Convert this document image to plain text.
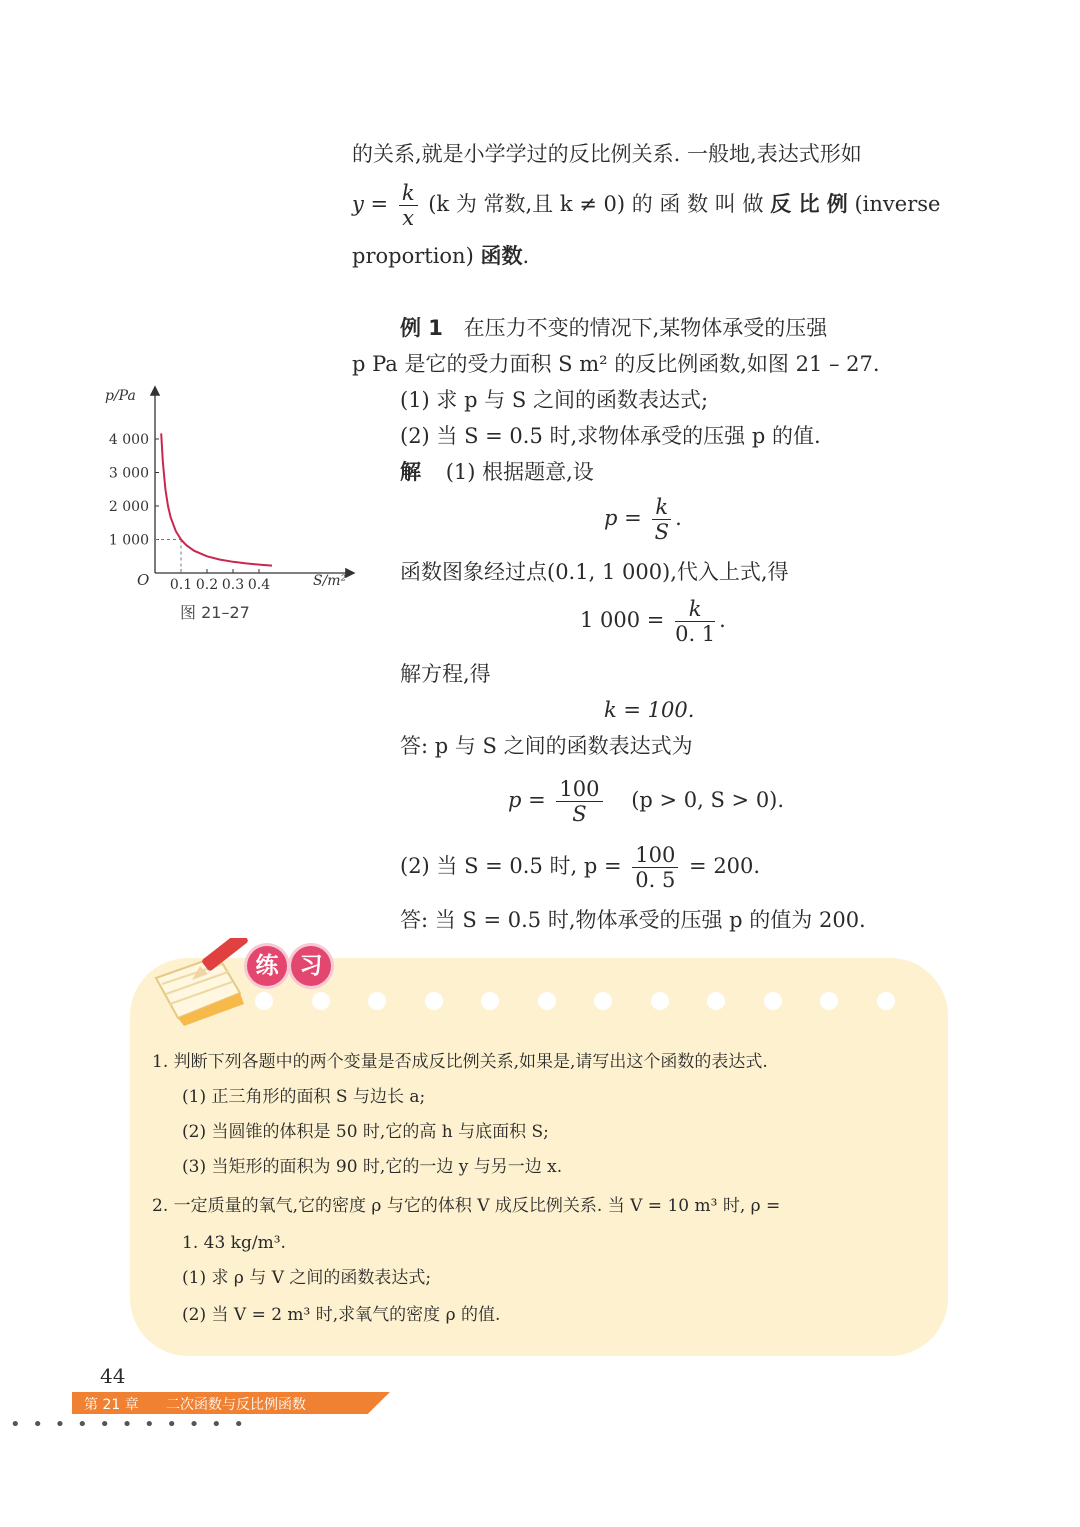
的关系,就是小学学过的反比例关系. 一般地,表达式形如
$y = \frac{k}{x} (k$ 为 常数,且 k ≠ 0) 的 函 数 叫 做 反 比 例 (inverse
proportion) 函数.
例 1 在压力不变的情况下,某物体承受的压强
p Pa 是它的受力面积 S m² 的反比例函数,如图 21 – 27.
(1) 求 p 与 S 之间的函数表达式;
(2) 当 S = 0.5 时,求物体承受的压强 p 的值.
解 (1) 根据题意,设
$p = \frac{k}{S}$ .
函数图象经过点(0.1, 1 000),代入上式,得
1 $000 = \frac{k}{0. 1}$ .
解方程,得
k = 100.
答: p 与 S 之间的函数表达式为
$p = \frac{100}{S} (p > 0$, S > 0).
(2) 当 S = 0.5 时, $p = \frac{100}{0. 5} = 200$.
答: 当 S = 0.5 时,物体承受的压强 p 的值为 200.
p/Pa
S/m²
O
1 000
2 000
3 000
4 000
0.1 0.2 0.3 0.4
图 21–27
练 习
1. 判断下列各题中的两个变量是否成反比例关系,如果是,请写出这个函数的表达式.
(1) 正三角形的面积 S 与边长 a;
(2) 当圆锥的体积是 50 时,它的高 h 与底面积 S;
(3) 当矩形的面积为 90 时,它的一边 y 与另一边 x.
2. 一定质量的氧气,它的密度 ρ 与它的体积 V 成反比例关系. 当 V = 10 m³ 时, ρ =
1. 43 kg/m³.
(1) 求 ρ 与 V 之间的函数表达式;
(2) 当 V = 2 m³ 时,求氧气的密度 ρ 的值.
44
第 21 章 二次函数与反比例函数
• • • • • • • • • • •
